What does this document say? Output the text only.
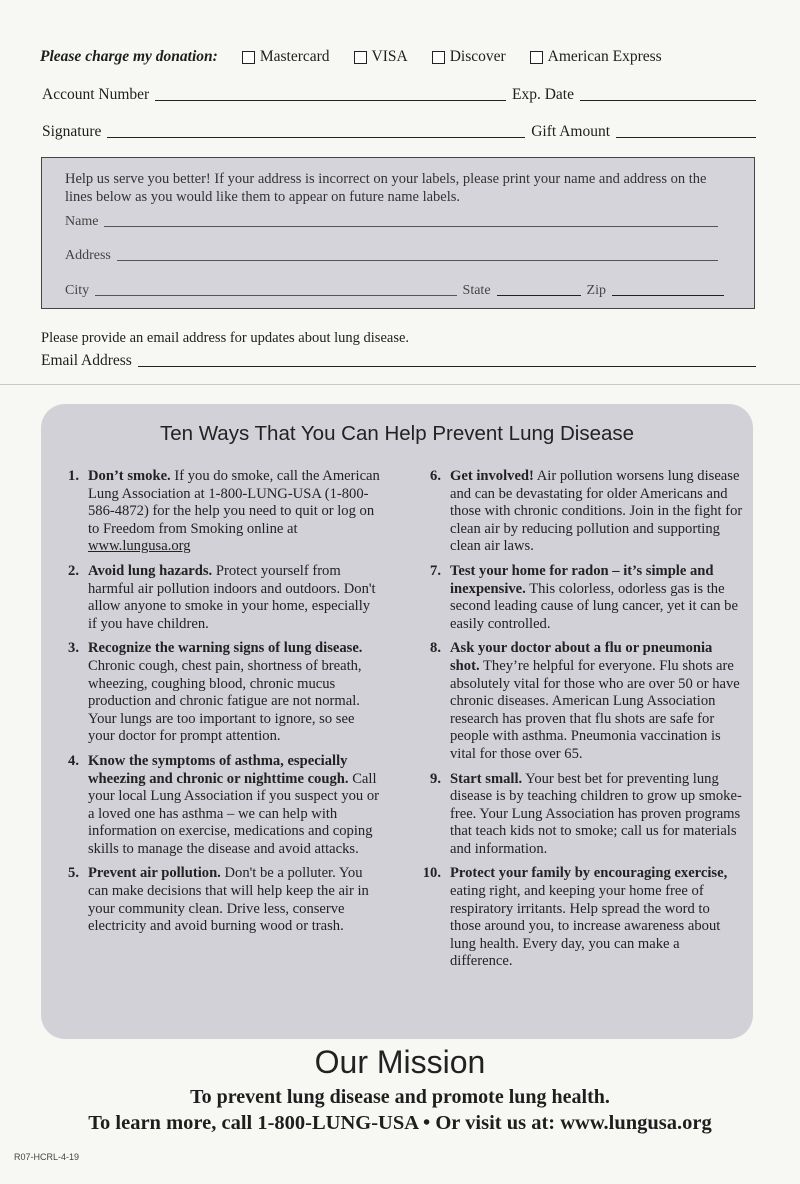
Please charge my donation:	Mastercard	VISA	Discover	American Express
Account Number	Exp. Date
Signature	Gift Amount
Help us serve you better! If your address is incorrect on your labels, please print your name and address on the lines below as you would like them to appear on future name labels.
Name
Address
City	State	Zip
Please provide an email address for updates about lung disease.
Email Address
Ten Ways That You Can Help Prevent Lung Disease
1. Don’t smoke. If you do smoke, call the American Lung Association at 1-800-LUNG-USA (1-800-586-4872) for the help you need to quit or log on to Freedom from Smoking online at www.lungusa.org
2. Avoid lung hazards. Protect yourself from harmful air pollution indoors and outdoors. Don't allow anyone to smoke in your home, especially if you have children.
3. Recognize the warning signs of lung disease. Chronic cough, chest pain, shortness of breath, wheezing, coughing blood, chronic mucus production and chronic fatigue are not normal. Your lungs are too important to ignore, so see your doctor for prompt attention.
4. Know the symptoms of asthma, especially wheezing and chronic or nighttime cough. Call your local Lung Association if you suspect you or a loved one has asthma – we can help with information on exercise, medications and coping skills to manage the disease and avoid attacks.
5. Prevent air pollution. Don't be a polluter. You can make decisions that will help keep the air in your community clean. Drive less, conserve electricity and avoid burning wood or trash.
6. Get involved! Air pollution worsens lung disease and can be devastating for older Americans and those with chronic conditions. Join in the fight for clean air by reducing pollution and supporting clean air laws.
7. Test your home for radon – it’s simple and inexpensive. This colorless, odorless gas is the second leading cause of lung cancer, yet it can be easily controlled.
8. Ask your doctor about a flu or pneumonia shot. They’re helpful for everyone. Flu shots are absolutely vital for those who are over 50 or have chronic diseases. American Lung Association research has proven that flu shots are safe for people with asthma. Pneumonia vaccination is vital for those over 65.
9. Start small. Your best bet for preventing lung disease is by teaching children to grow up smoke-free. Your Lung Association has proven programs that teach kids not to smoke; call us for materials and information.
10. Protect your family by encouraging exercise, eating right, and keeping your home free of respiratory irritants. Help spread the word to those around you, to increase awareness about lung health. Every day, you can make a difference.
Our Mission
To prevent lung disease and promote lung health.
To learn more, call 1-800-LUNG-USA • Or visit us at: www.lungusa.org
R07-HCRL-4-19
